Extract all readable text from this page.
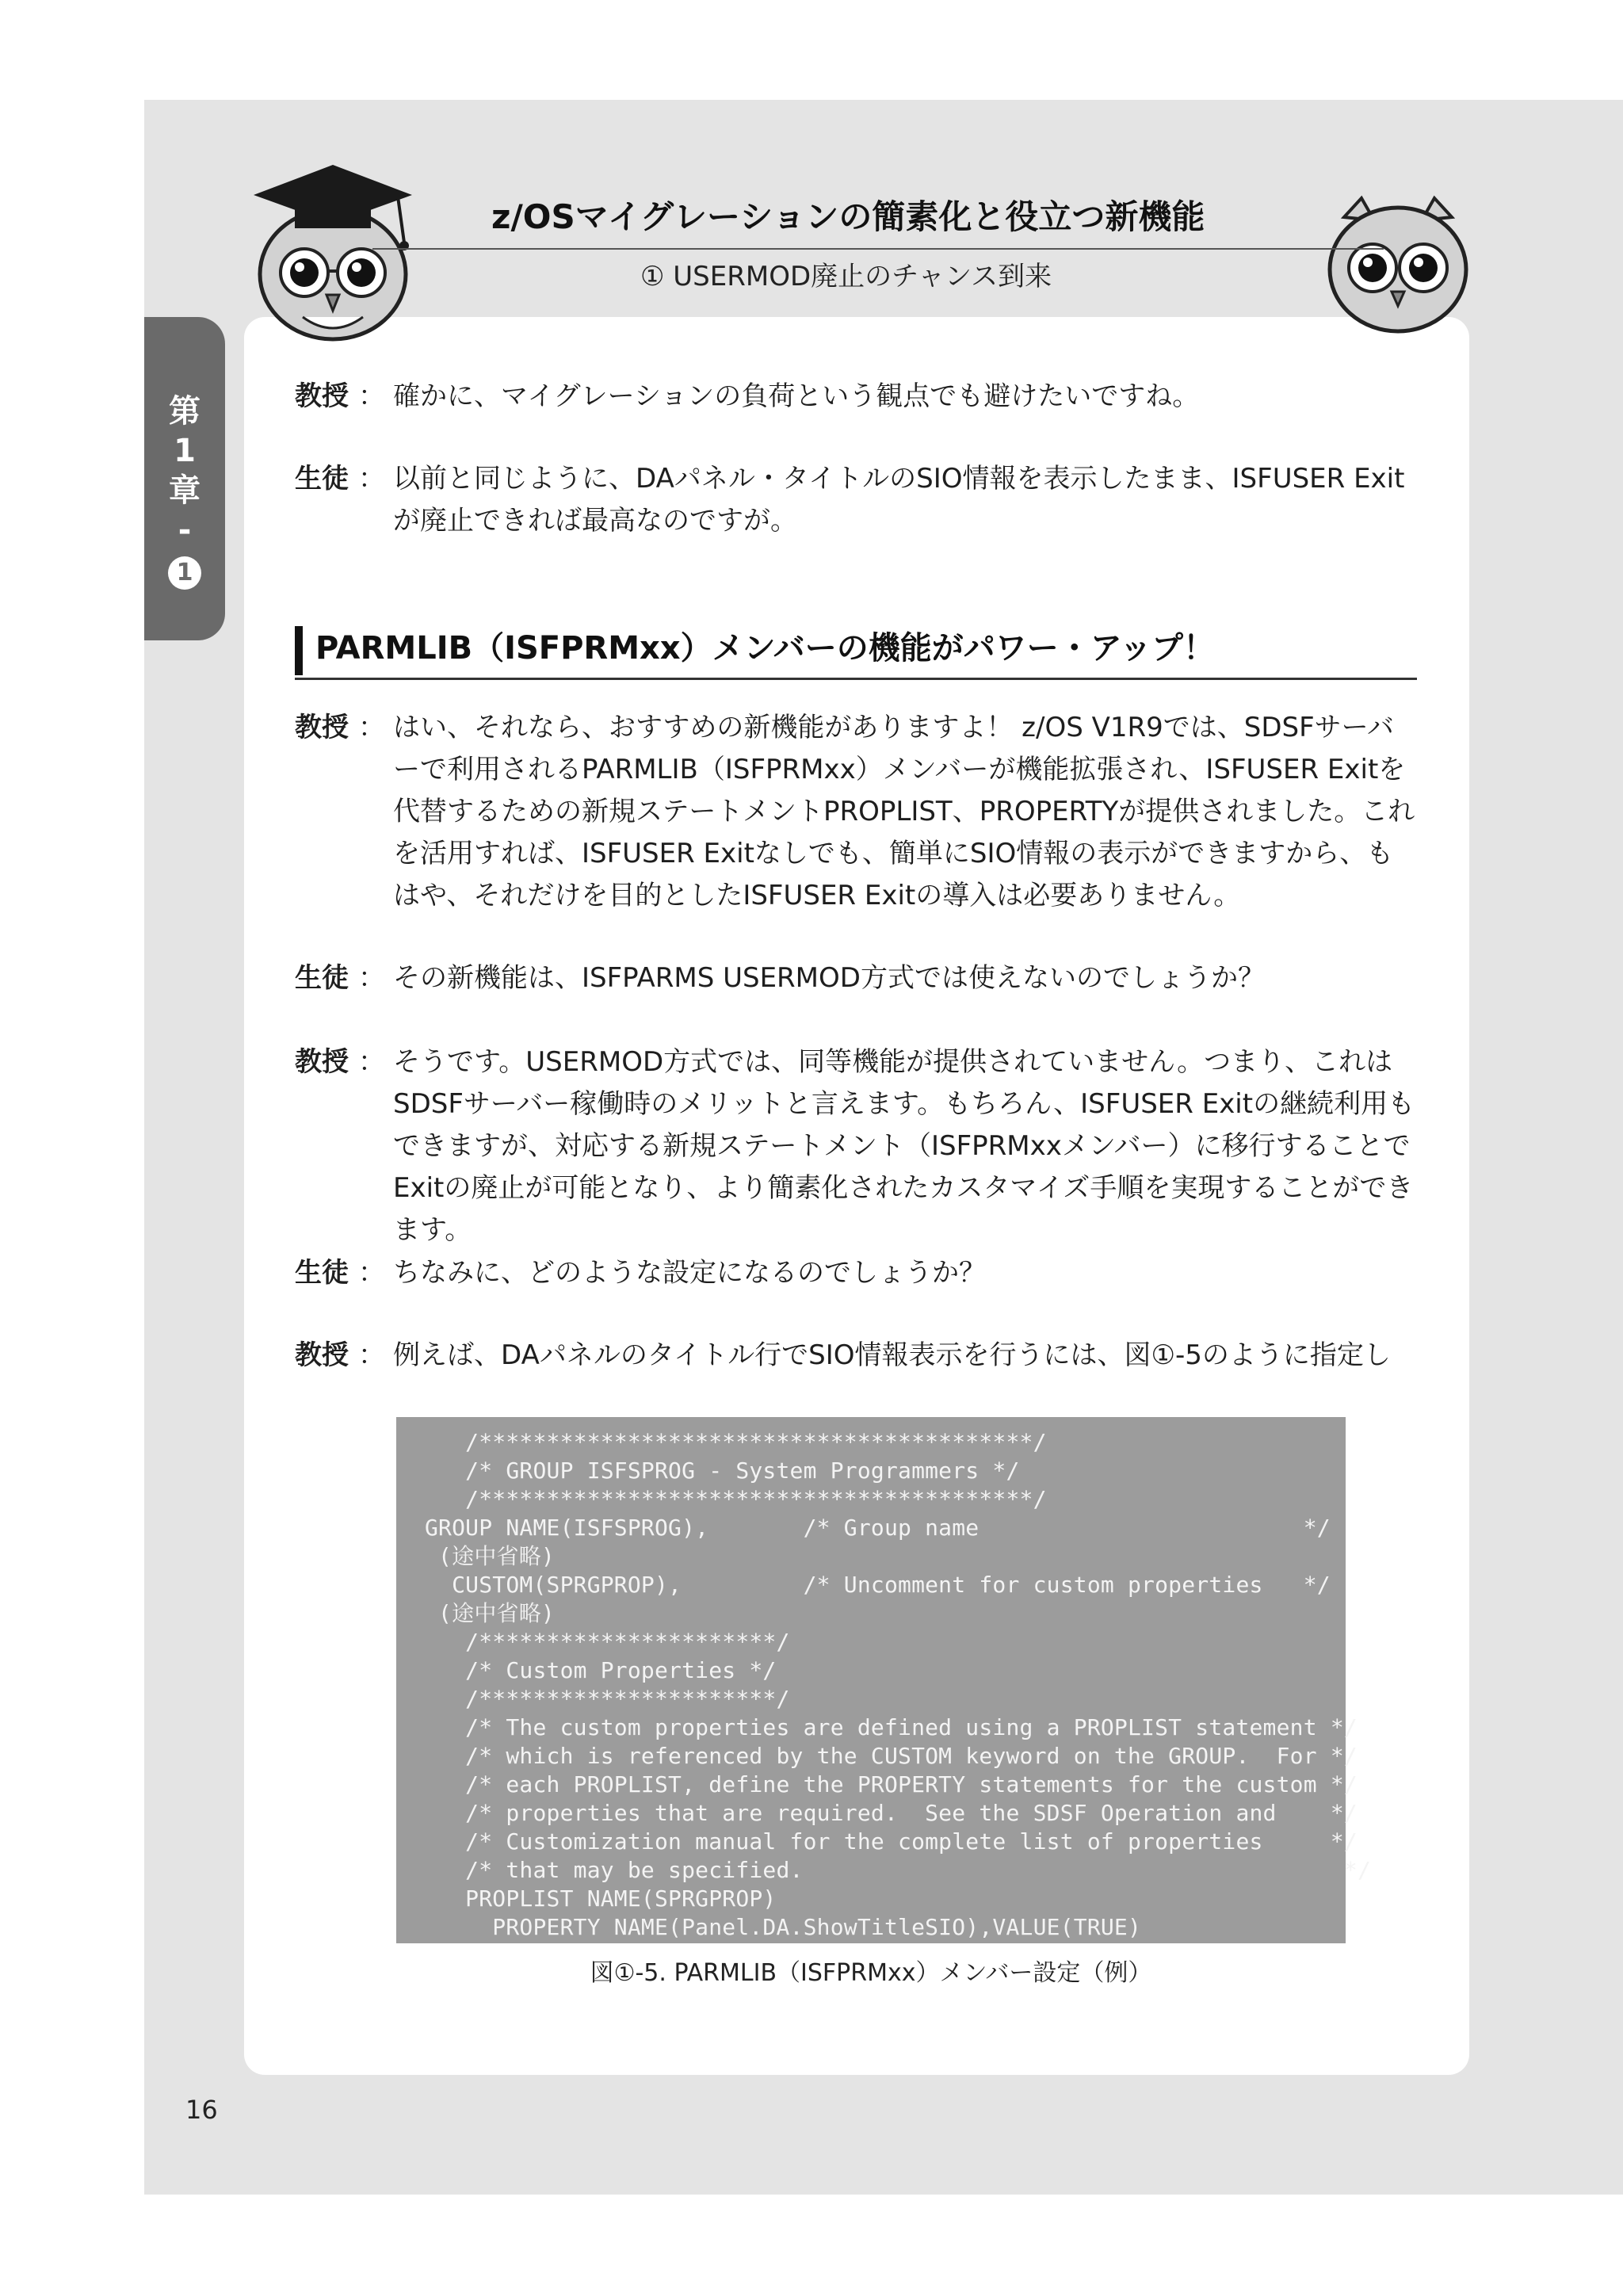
第
1
章
-
1
z/OSマイグレーションの簡素化と役立つ新機能
① USERMOD廃止のチャンス到来
教授 ：	確かに、マイグレーションの負荷という観点でも避けたいですね。
生徒 ：	以前と同じように、DAパネル・タイトルのSIO情報を表示したまま、ISFUSER Exitが廃止できれば最高なのですが。
PARMLIB（ISFPRMxx）メンバーの機能がパワー・アップ！
教授 ：	はい、それなら、おすすめの新機能がありますよ！ z/OS V1R9では、SDSFサーバーで利用されるPARMLIB（ISFPRMxx）メンバーが機能拡張され、ISFUSER Exitを代替するための新規ステートメントPROPLIST、PROPERTYが提供されました。これを活用すれば、ISFUSER Exitなしでも、簡単にSIO情報の表示ができますから、もはや、それだけを目的としたISFUSER Exitの導入は必要ありません。
生徒 ：	その新機能は、ISFPARMS USERMOD方式では使えないのでしょうか？
教授 ：	そうです。USERMOD方式では、同等機能が提供されていません。つまり、これはSDSFサーバー稼働時のメリットと言えます。もちろん、ISFUSER Exitの継続利用もできますが、対応する新規ステートメント（ISFPRMxxメンバー）に移行することでExitの廃止が可能となり、より簡素化されたカスタマイズ手順を実現することができます。
生徒 ：	ちなみに、どのような設定になるのでしょうか？
教授 ：	例えば、DAパネルのタイトル行でSIO情報表示を行うには、図①-5のように指定し
/*****************************************/
/* GROUP ISFSPROG - System Programmers */
/*****************************************/
GROUP NAME(ISFSPROG),       /* Group name                        */
(途中省略)
CUSTOM(SPRGPROP),         /* Uncomment for custom properties   */
(途中省略)
/**********************/
/* Custom Properties */
/**********************/
/* The custom properties are defined using a PROPLIST statement */
/* which is referenced by the CUSTOM keyword on the GROUP.  For */
/* each PROPLIST, define the PROPERTY statements for the custom */
/* properties that are required.  See the SDSF Operation and    */
/* Customization manual for the complete list of properties     */
/* that may be specified.                                        */
PROPLIST NAME(SPRGPROP)
PROPERTY NAME(Panel.DA.ShowTitleSIO),VALUE(TRUE)
図①-5. PARMLIB（ISFPRMxx）メンバー設定（例）
16
